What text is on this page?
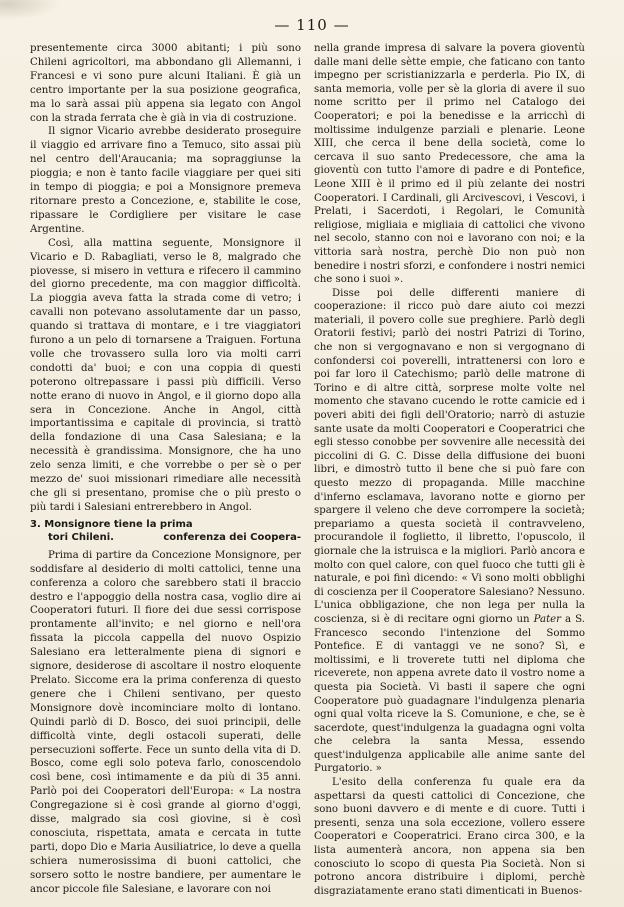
— 110 —

presentemente circa 3000 abitanti; i più sono Chileni agricoltori, ma abbondano gli Allemanni, i Francesi e vi sono pure alcuni Italiani. È già un centro importante per la sua posizione geografica, ma lo sarà assai più appena sia legato con Angol con la strada ferrata che è già in via di costruzione.

Il signor Vicario avrebbe desiderato proseguire il viaggio ed arrivare fino a Temuco, sito assai più nel centro dell'Araucania; ma sopraggiunse la pioggia; e non è tanto facile viaggiare per quei siti in tempo di pioggia; e poi a Monsignore premeva ritornare presto a Concezione, e, stabilite le cose, ripassare le Cordigliere per visitare le case Argentine.

Così, alla mattina seguente, Monsignore il Vicario e D. Rabagliati, verso le 8, malgrado che piovesse, si misero in vettura e rifecero il cammino del giorno precedente, ma con maggior difficoltà. La pioggia aveva fatta la strada come di vetro; i cavalli non potevano assolutamente dar un passo, quando si trattava di montare, e i tre viaggiatori furono a un pelo di tornarsene a Traiguen. Fortuna volle che trovassero sulla loro via molti carri condotti da' buoi; e con una coppia di questi poterono oltrepassare i passi più difficili. Verso notte erano di nuovo in Angol, e il giorno dopo alla sera in Concezione. Anche in Angol, città importantissima e capitale di provincia, si trattò della fondazione di una Casa Salesiana; e la necessità è grandissima. Monsignore, che ha uno zelo senza limiti, e che vorrebbe o per sè o per mezzo de' suoi missionari rimediare alle necessità che gli si presentano, promise che o più presto o più tardi i Salesiani entrerebbero in Angol.

3. Monsignore tiene la prima
conferenza dei Coopera-
tori Chileni.

Prima di partire da Concezione Monsignore, per soddisfare al desiderio di molti cattolici, tenne una conferenza a coloro che sarebbero stati il braccio destro e l'appoggio della nostra casa, voglio dire ai Cooperatori futuri. Il fiore dei due sessi corrispose prontamente all'invito; e nel giorno e nell'ora fissata la piccola cappella del nuovo Ospizio Salesiano era letteralmente piena di signori e signore, desiderose di ascoltare il nostro eloquente Prelato. Siccome era la prima conferenza di questo genere che i Chileni sentivano, per questo Monsignore dovè incominciare molto di lontano. Quindi parlò di D. Bosco, dei suoi principii, delle difficoltà vinte, degli ostacoli superati, delle persecuzioni sofferte. Fece un sunto della vita di D. Bosco, come egli solo poteva farlo, conoscendolo così bene, così intimamente e da più di 35 anni. Parlò poi dei Cooperatori dell'Europa: « La nostra Congregazione si è così grande al giorno d'oggi, disse, malgrado sia così giovine, si è così conosciuta, rispettata, amata e cercata in tutte parti, dopo Dio e Maria Ausiliatrice, lo deve a quella schiera numerosissima di buoni cattolici, che sorsero sotto le nostre bandiere, per aumentare le ancor piccole file Salesiane, e lavorare con noi

nella grande impresa di salvare la povera gioventù dalle mani delle sètte empie, che faticano con tanto impegno per scristianizzarla e perderla. Pio IX, di santa memoria, volle per sè la gloria di avere il suo nome scritto per il primo nel Catalogo dei Cooperatori; e poi la benedisse e la arricchì di moltissime indulgenze parziali e plenarie. Leone XIII, che cerca il bene della società, come lo cercava il suo santo Predecessore, che ama la gioventù con tutto l'amore di padre e di Pontefice, Leone XIII è il primo ed il più zelante dei nostri Cooperatori. I Cardinali, gli Arcivescovi, i Vescovi, i Prelati, i Sacerdoti, i Regolari, le Comunità religiose, migliaia e migliaia di cattolici che vivono nel secolo, stanno con noi e lavorano con noi; e la vittoria sarà nostra, perchè Dio non può non benedire i nostri sforzi, e confondere i nostri nemici che sono i suoi ».

Disse poi delle differenti maniere di cooperazione: il ricco può dare aiuto coi mezzi materiali, il povero colle sue preghiere. Parlò degli Oratorii festivi; parlò dei nostri Patrizi di Torino, che non si vergognavano e non si vergognano di confondersi coi poverelli, intrattenersi con loro e poi far loro il Catechismo; parlò delle matrone di Torino e di altre città, sorprese molte volte nel momento che stavano cucendo le rotte camicie ed i poveri abiti dei figli dell'Oratorio; narrò di astuzie sante usate da molti Cooperatori e Cooperatrici che egli stesso conobbe per sovvenire alle necessità dei piccolini di G. C. Disse della diffusione dei buoni libri, e dimostrò tutto il bene che si può fare con questo mezzo di propaganda. Mille macchine d'inferno esclamava, lavorano notte e giorno per spargere il veleno che deve corrompere la società; prepariamo a questa società il contravveleno, procurandole il foglietto, il libretto, l'opuscolo, il giornale che la istruisca e la migliori. Parlò ancora e molto con quel calore, con quel fuoco che tutti gli è naturale, e poi finì dicendo: « Vi sono molti obblighi di coscienza per il Cooperatore Salesiano? Nessuno. L'unica obbligazione, che non lega per nulla la coscienza, si è di recitare ogni giorno un Pater a S. Francesco secondo l'intenzione del Sommo Pontefice. E di vantaggi ve ne sono? Sì, e moltissimi, e li troverete tutti nel diploma che riceverete, non appena avrete dato il vostro nome a questa pia Società. Vi basti il sapere che ogni Cooperatore può guadagnare l'indulgenza plenaria ogni qual volta riceve la S. Comunione, e che, se è sacerdote, quest'indulgenza la guadagna ogni volta che celebra la santa Messa, essendo quest'indulgenza applicabile alle anime sante del Purgatorio. »

L'esito della conferenza fu quale era da aspettarsi da questi cattolici di Concezione, che sono buoni davvero e di mente e di cuore. Tutti i presenti, senza una sola eccezione, vollero essere Cooperatori e Cooperatrici. Erano circa 300, e la lista aumenterà ancora, non appena sia ben conosciuto lo scopo di questa Pia Società. Non si potrono ancora distribuire i diplomi, perchè disgraziatamente erano stati dimenticati in Buenos-
